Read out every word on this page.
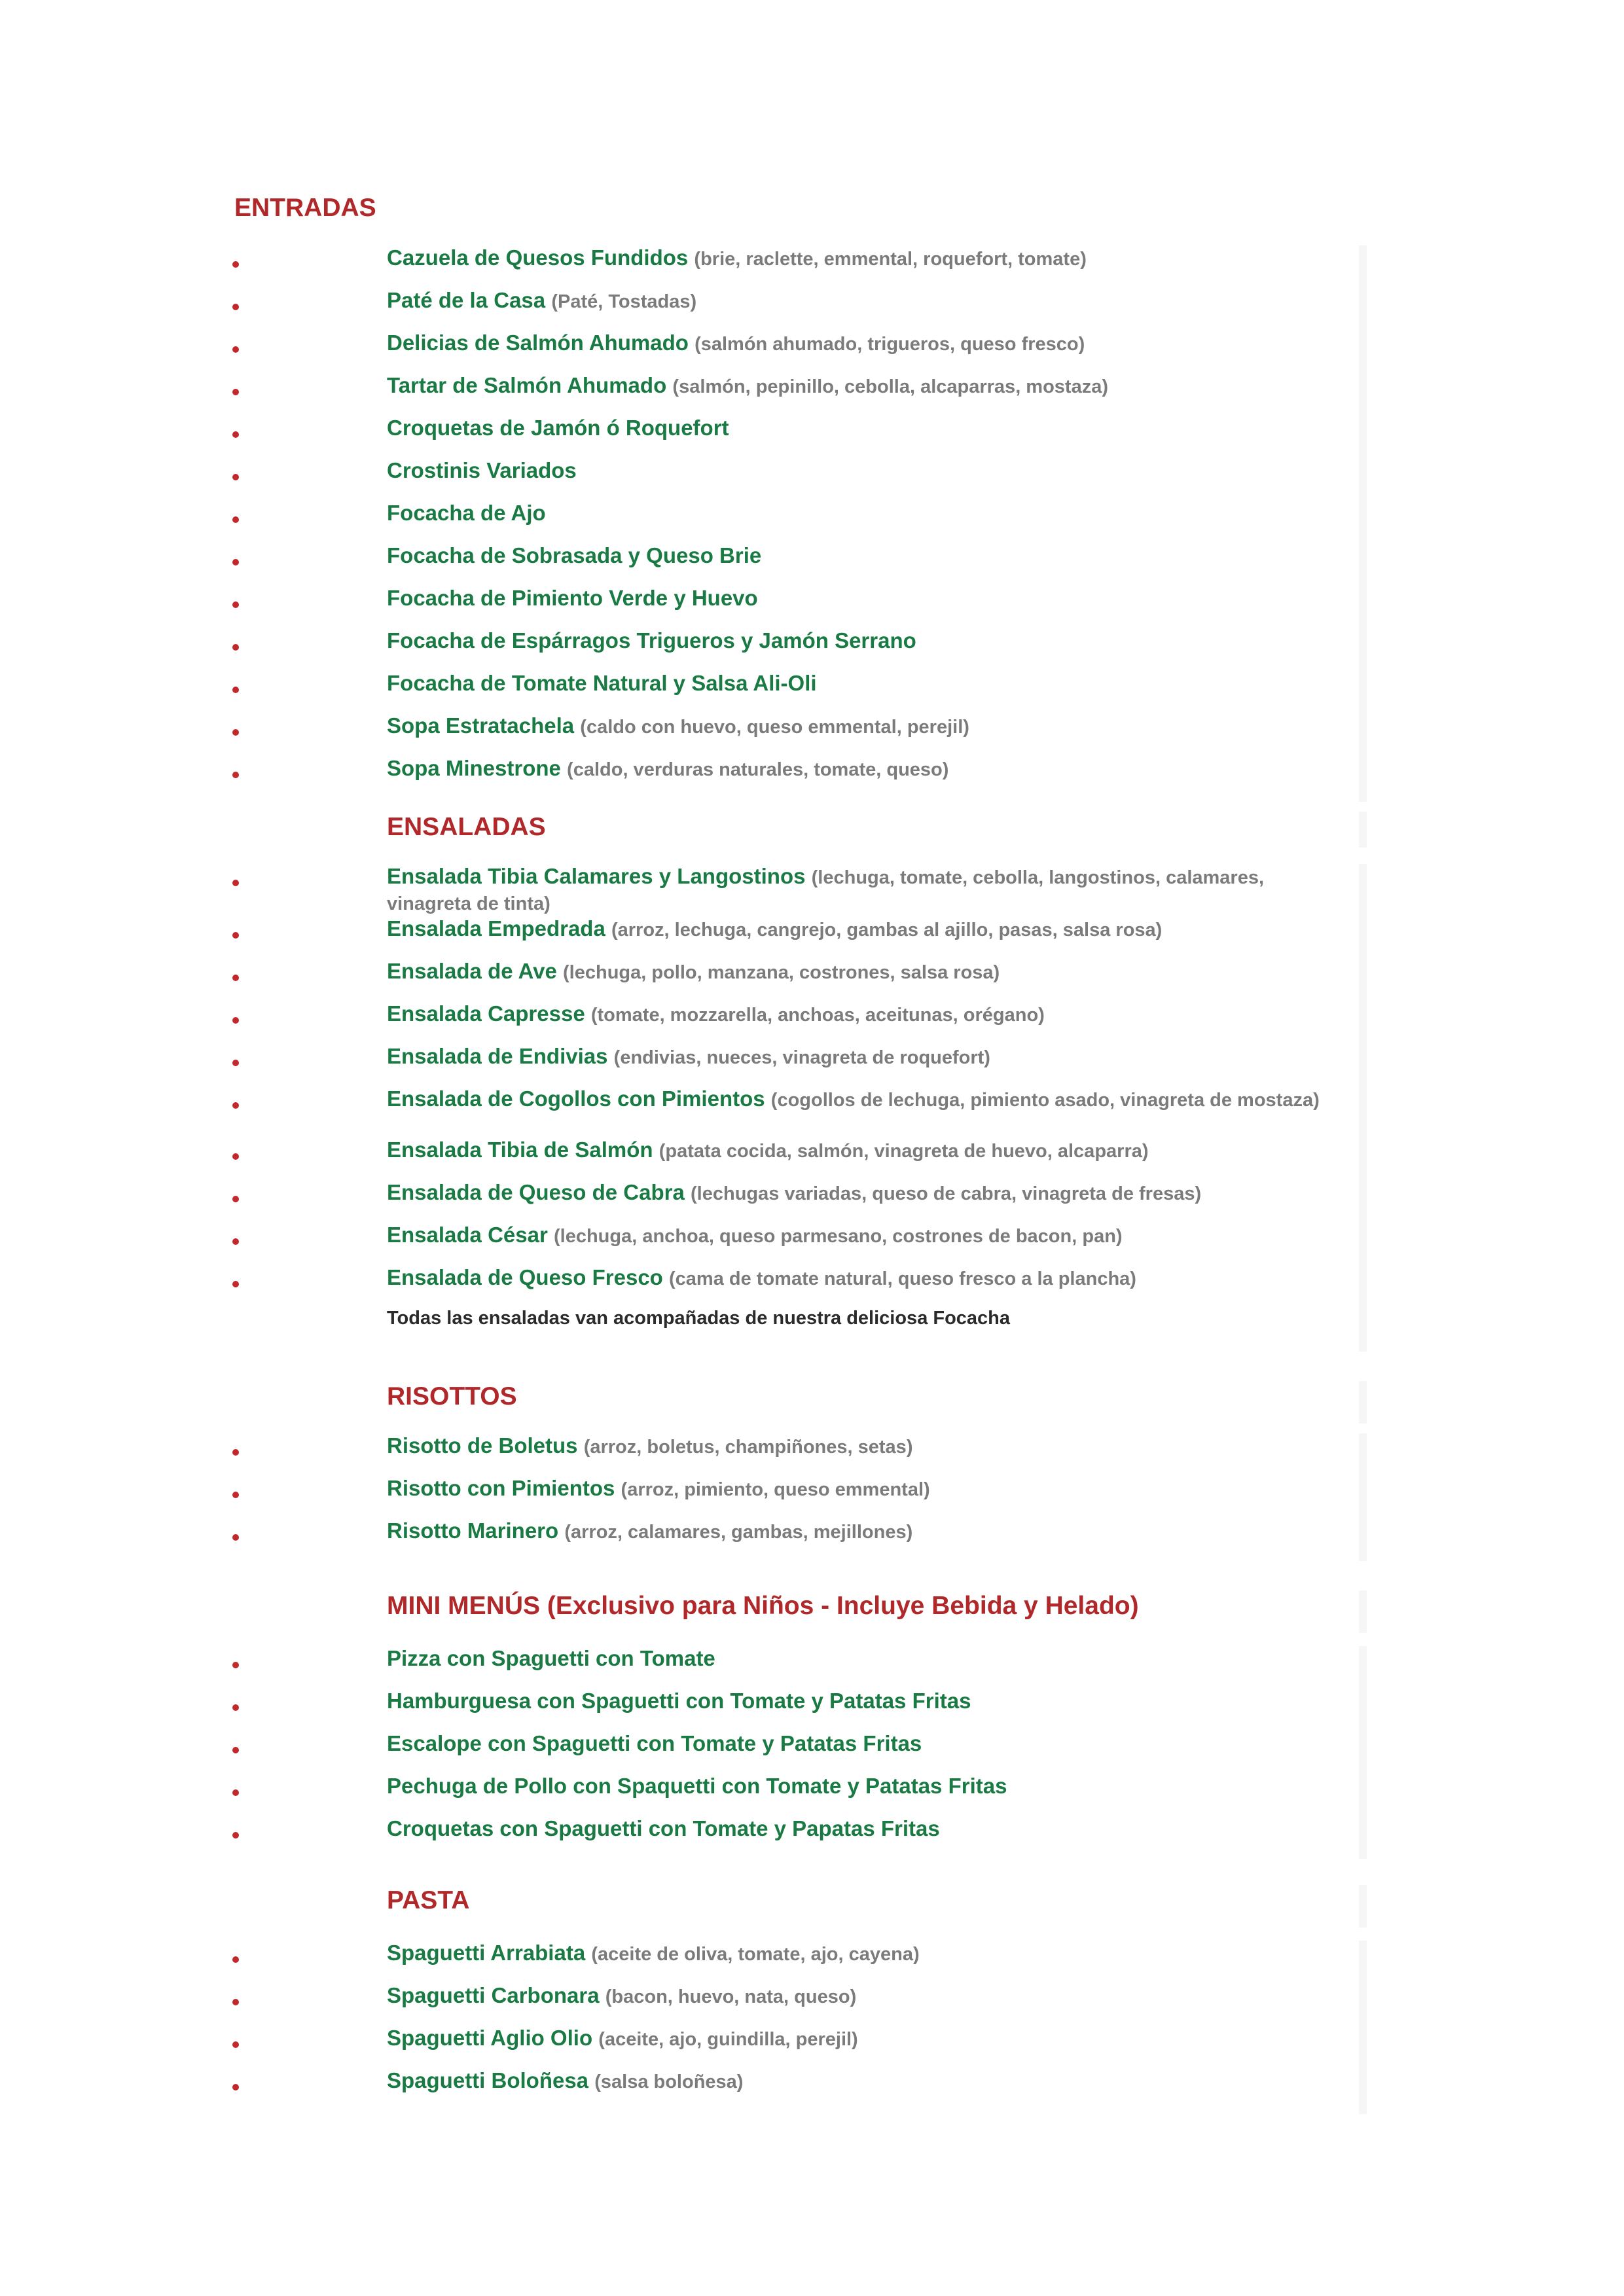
ENTRADAS
Cazuela de Quesos Fundidos (brie, raclette, emmental, roquefort, tomate)
Paté de la Casa (Paté, Tostadas)
Delicias de Salmón Ahumado (salmón ahumado, trigueros, queso fresco)
Tartar de Salmón Ahumado (salmón, pepinillo, cebolla, alcaparras, mostaza)
Croquetas de Jamón ó Roquefort
Crostinis Variados
Focacha de Ajo
Focacha de Sobrasada y Queso Brie
Focacha de Pimiento Verde y Huevo
Focacha de Espárragos Trigueros y Jamón Serrano
Focacha de Tomate Natural y Salsa Ali-Oli
Sopa Estratachela (caldo con huevo, queso emmental, perejil)
Sopa Minestrone (caldo, verduras naturales, tomate, queso)
ENSALADAS
Ensalada Tibia Calamares y Langostinos (lechuga, tomate, cebolla, langostinos, calamares, vinagreta de tinta)
Ensalada Empedrada (arroz, lechuga, cangrejo, gambas al ajillo, pasas, salsa rosa)
Ensalada de Ave (lechuga, pollo, manzana, costrones, salsa rosa)
Ensalada Capresse (tomate, mozzarella, anchoas, aceitunas, orégano)
Ensalada de Endivias (endivias, nueces, vinagreta de roquefort)
Ensalada de Cogollos con Pimientos (cogollos de lechuga, pimiento asado, vinagreta de mostaza)
Ensalada Tibia de Salmón (patata cocida, salmón, vinagreta de huevo, alcaparra)
Ensalada de Queso de Cabra (lechugas variadas, queso de cabra, vinagreta de fresas)
Ensalada César (lechuga, anchoa, queso parmesano, costrones de bacon, pan)
Ensalada de Queso Fresco (cama de tomate natural, queso fresco a la plancha)

Todas las ensaladas van acompañadas de nuestra deliciosa Focacha

RISOTTOS
Risotto de Boletus (arroz, boletus, champiñones, setas)
Risotto con Pimientos (arroz, pimiento, queso emmental)
Risotto Marinero (arroz, calamares, gambas, mejillones)
MINI MENÚS (Exclusivo para Niños - Incluye Bebida y Helado)
Pizza con Spaguetti con Tomate
Hamburguesa con Spaguetti con Tomate y Patatas Fritas
Escalope con Spaguetti con Tomate y Patatas Fritas
Pechuga de Pollo con Spaquetti con Tomate y Patatas Fritas
Croquetas con Spaguetti con Tomate y Papatas Fritas
PASTA
Spaguetti Arrabiata (aceite de oliva, tomate, ajo, cayena)
Spaguetti Carbonara (bacon, huevo, nata, queso)
Spaguetti Aglio Olio (aceite, ajo, guindilla, perejil)
Spaguetti Boloñesa (salsa boloñesa)
